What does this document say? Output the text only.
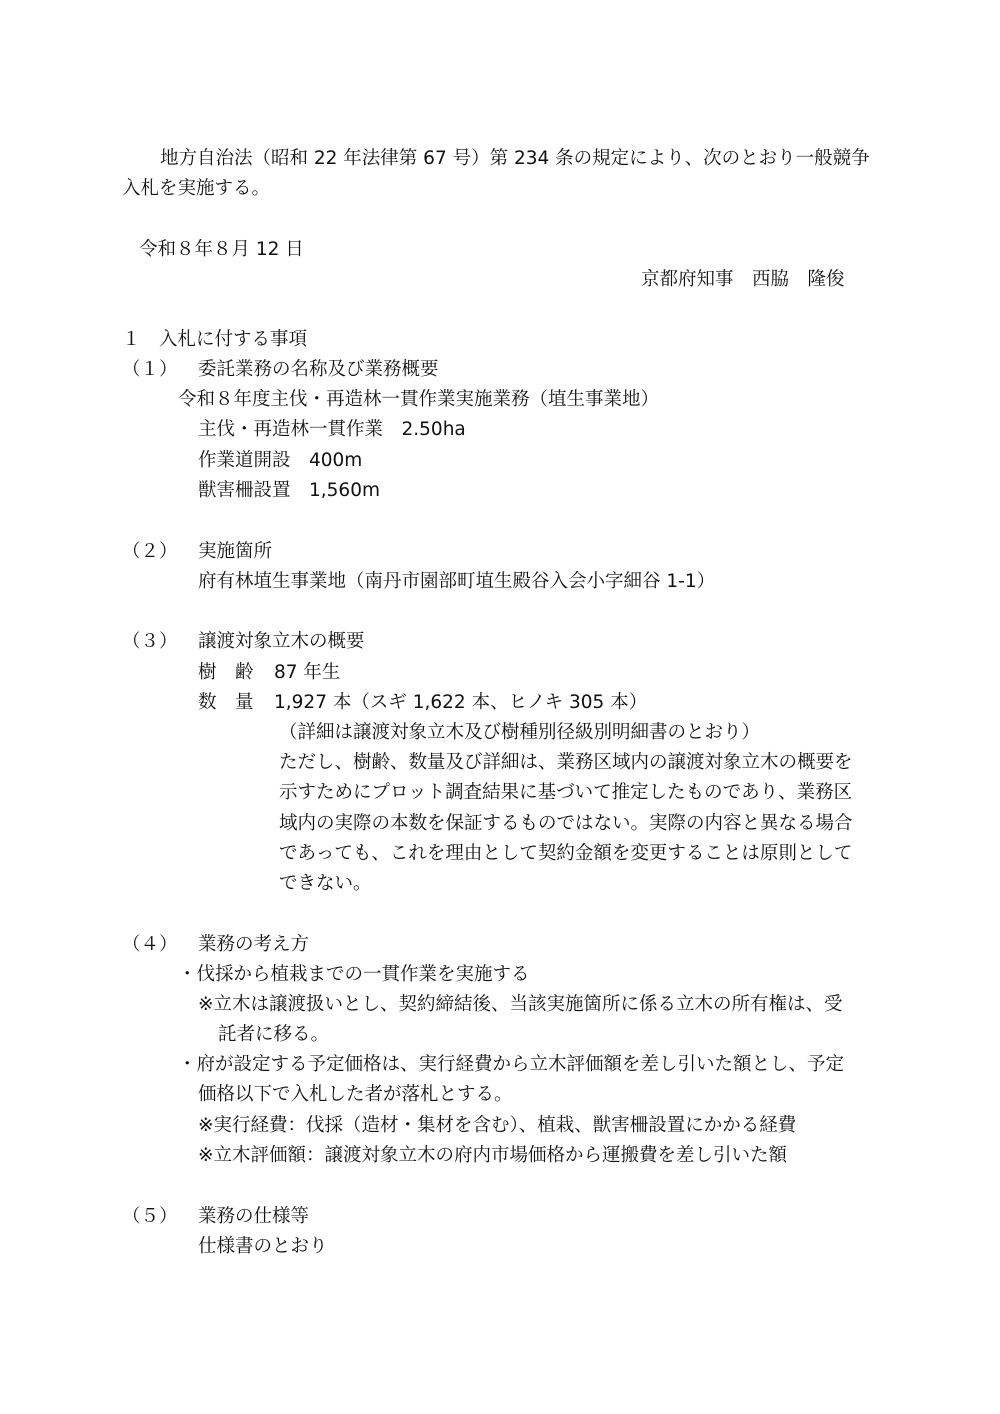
地方自治法（昭和 22 年法律第 67 号）第 234 条の規定により、次のとおり一般競争
入札を実施する。
令和８年８月 12 日
京都府知事　西脇　隆俊
１　入札に付する事項
（１） 委託業務の名称及び業務概要
令和８年度主伐・再造林一貫作業実施業務（埴生事業地）
主伐・再造林一貫作業　2.50ha
作業道開設　400m
獣害柵設置　1,560m
（２） 実施箇所
府有林埴生事業地（南丹市園部町埴生殿谷入会小字細谷 1-1）
（３） 譲渡対象立木の概要
樹　齢 87 年生
数　量 1,927 本（スギ 1,622 本、ヒノキ 305 本）
（詳細は譲渡対象立木及び樹種別径級別明細書のとおり）
ただし、樹齢、数量及び詳細は、業務区域内の譲渡対象立木の概要を
示すためにプロット調査結果に基づいて推定したものであり、業務区
域内の実際の本数を保証するものではない。実際の内容と異なる場合
であっても、これを理由として契約金額を変更することは原則として
できない。
（４） 業務の考え方
・伐採から植栽までの一貫作業を実施する
※立木は譲渡扱いとし、契約締結後、当該実施箇所に係る立木の所有権は、受
託者に移る。
・府が設定する予定価格は、実行経費から立木評価額を差し引いた額とし、予定
価格以下で入札した者が落札とする。
※実行経費：伐採（造材・集材を含む）、植栽、獣害柵設置にかかる経費
※立木評価額：譲渡対象立木の府内市場価格から運搬費を差し引いた額
（５） 業務の仕様等
仕様書のとおり
